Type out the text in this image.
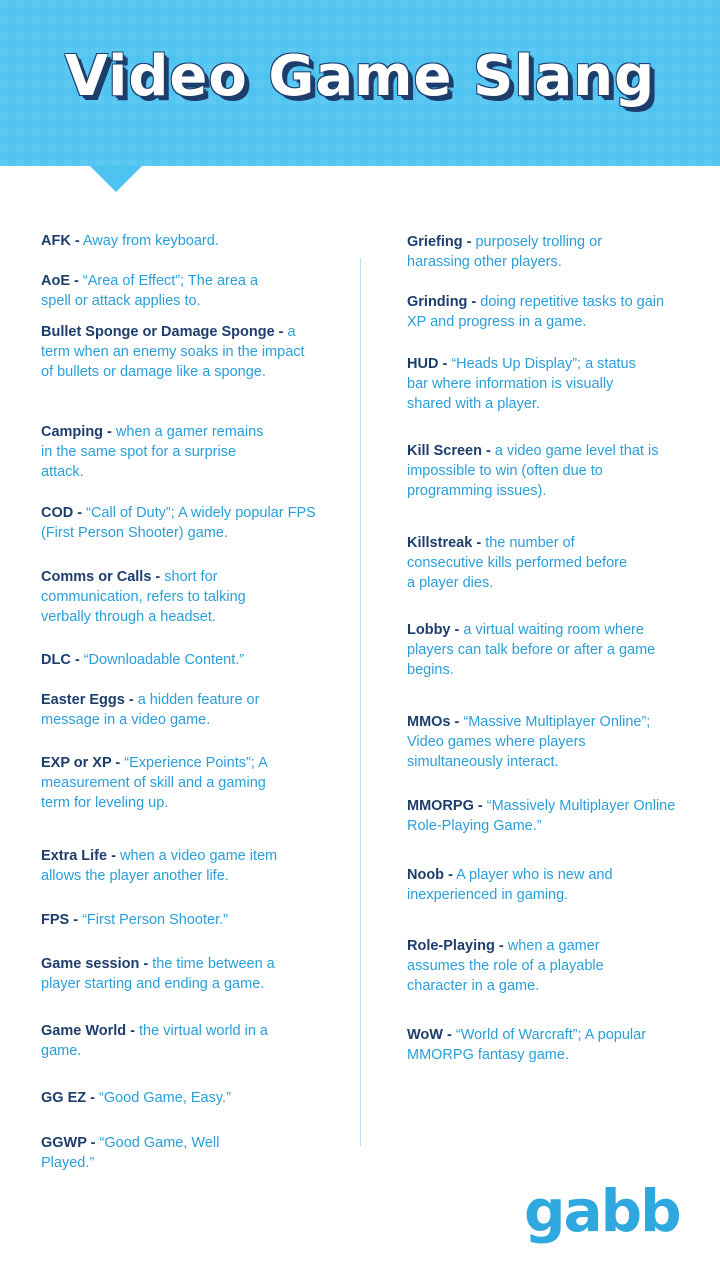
Video Game Slang
AFK - Away from keyboard.
AoE - “Area of Effect”; The area a spell or attack applies to.
Bullet Sponge or Damage Sponge - a term when an enemy soaks in the impact of bullets or damage like a sponge.
Camping - when a gamer remains in the same spot for a surprise attack.
COD - “Call of Duty”; A widely popular FPS (First Person Shooter) game.
Comms or Calls - short for communication, refers to talking verbally through a headset.
DLC - “Downloadable Content.”
Easter Eggs - a hidden feature or message in a video game.
EXP or XP - “Experience Points”; A measurement of skill and a gaming term for leveling up.
Extra Life - when a video game item allows the player another life.
FPS - “First Person Shooter.”
Game session - the time between a player starting and ending a game.
Game World - the virtual world in a game.
GG EZ - “Good Game, Easy.”
GGWP - “Good Game, Well Played.”
Griefing - purposely trolling or harassing other players.
Grinding - doing repetitive tasks to gain XP and progress in a game.
HUD - “Heads Up Display”; a status bar where information is visually shared with a player.
Kill Screen - a video game level that is impossible to win (often due to programming issues).
Killstreak - the number of consecutive kills performed before a player dies.
Lobby - a virtual waiting room where players can talk before or after a game begins.
MMOs - “Massive Multiplayer Online”; Video games where players simultaneously interact.
MMORPG - “Massively Multiplayer Online Role-Playing Game.”
Noob - A player who is new and inexperienced in gaming.
Role-Playing - when a gamer assumes the role of a playable character in a game.
WoW - “World of Warcraft”; A popular MMORPG fantasy game.
gabb
